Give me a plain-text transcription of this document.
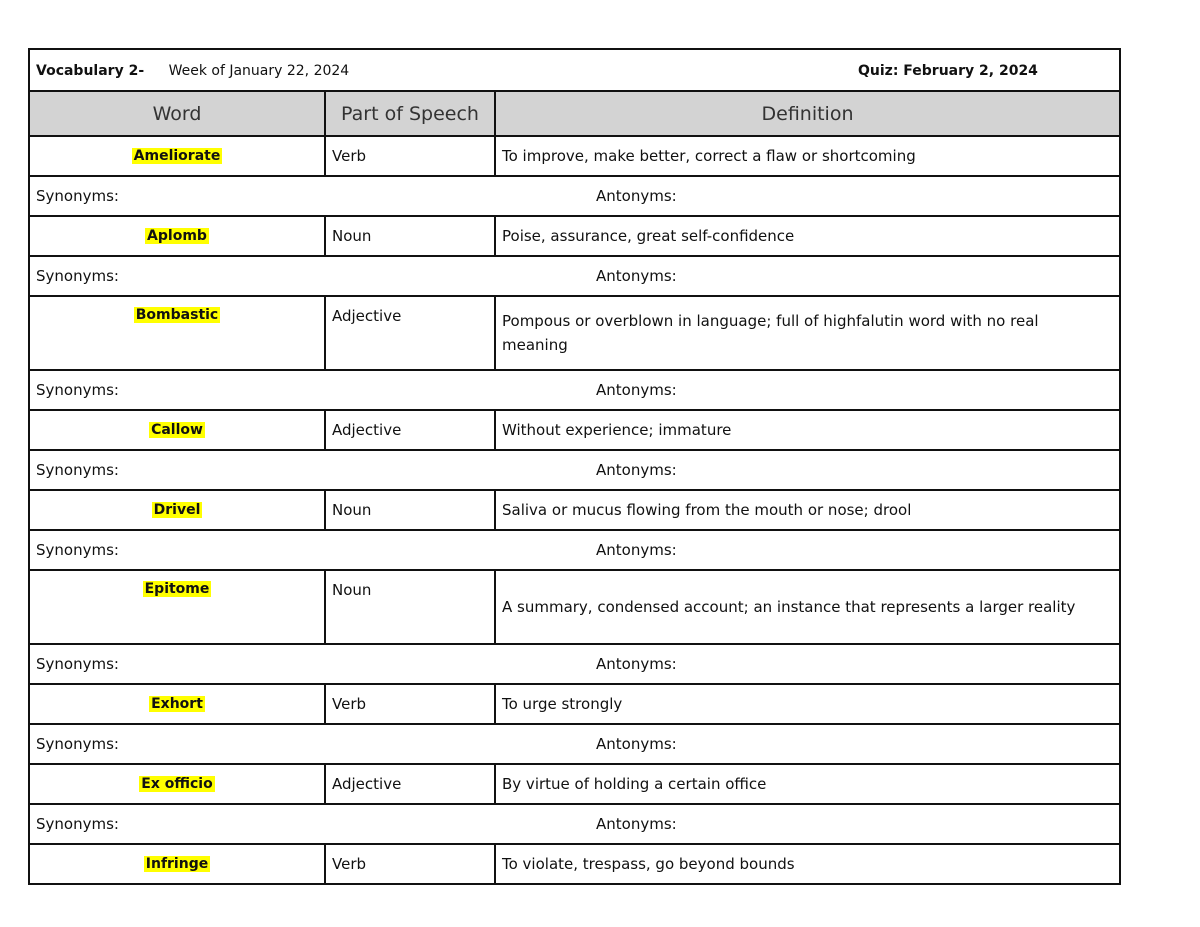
Vocabulary 2- Week of January 22, 2024 Quiz: February 2, 2024		

Word	Part of Speech	Definition
Ameliorate	Verb	To improve, make better, correct a flaw or shortcoming

Synonyms: Antonyms:		

Aplomb	Noun	Poise, assurance, great self-confidence

Synonyms: Antonyms:		

Bombastic	Adjective	Pompous or overblown in language; full of highfalutin word with no real meaning

Synonyms: Antonyms:		

Callow	Adjective	Without experience; immature

Synonyms: Antonyms:		

Drivel	Noun	Saliva or mucus flowing from the mouth or nose; drool

Synonyms: Antonyms:		

Epitome	Noun	A summary, condensed account; an instance that represents a larger reality

Synonyms: Antonyms:		

Exhort	Verb	To urge strongly

Synonyms: Antonyms:		

Ex officio	Adjective	By virtue of holding a certain office

Synonyms: Antonyms:		

Infringe	Verb	To violate, trespass, go beyond bounds
